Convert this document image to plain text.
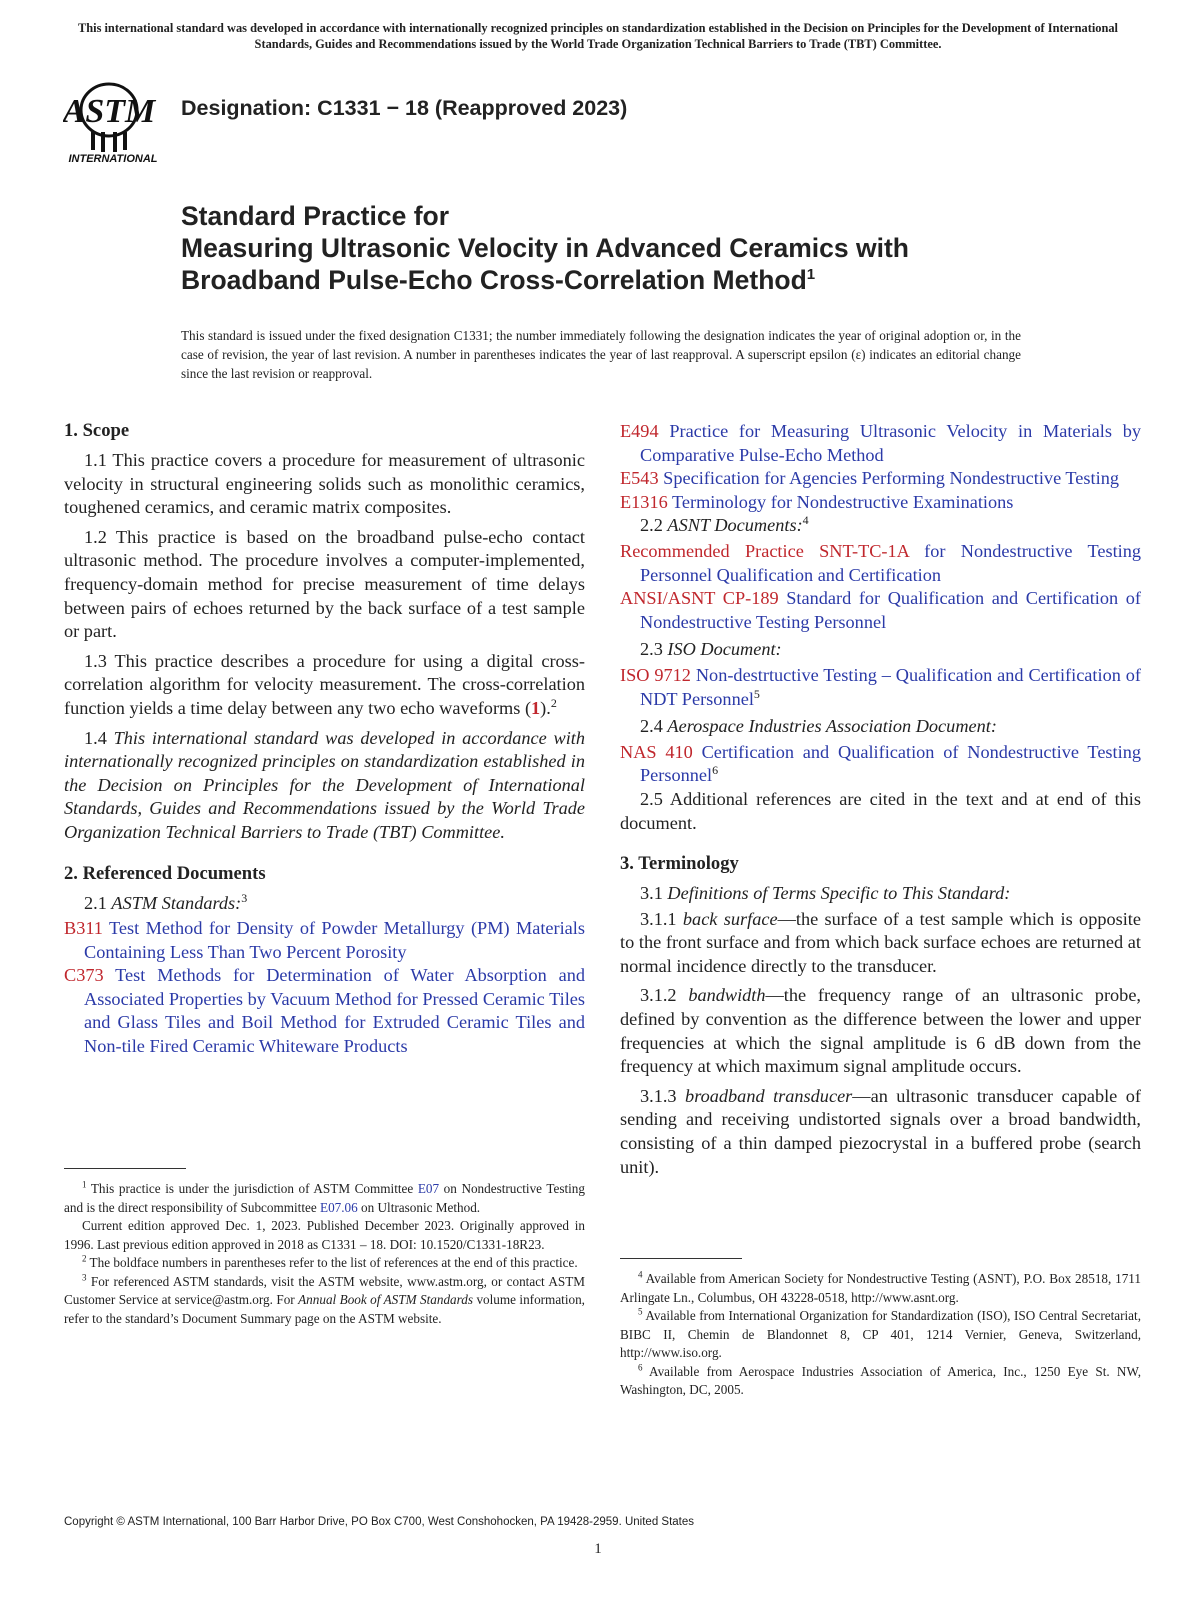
This international standard was developed in accordance with internationally recognized principles on standardization established in the Decision on Principles for the Development of International Standards, Guides and Recommendations issued by the World Trade Organization Technical Barriers to Trade (TBT) Committee.
ASTM
INTERNATIONAL
Designation: C1331 − 18 (Reapproved 2023)
Standard Practice for
Measuring Ultrasonic Velocity in Advanced Ceramics with
Broadband Pulse-Echo Cross-Correlation Method$^1$
This standard is issued under the fixed designation C1331; the number immediately following the designation indicates the year of original adoption or, in the case of revision, the year of last revision. A number in parentheses indicates the year of last reapproval. A superscript epsilon (ε) indicates an editorial change since the last revision or reapproval.
1. Scope

1.1 This practice covers a procedure for measurement of ultrasonic velocity in structural engineering solids such as monolithic ceramics, toughened ceramics, and ceramic matrix composites.

1.2 This practice is based on the broadband pulse-echo contact ultrasonic method. The procedure involves a computer-implemented, frequency-domain method for precise measurement of time delays between pairs of echoes returned by the back surface of a test sample or part.

1.3 This practice describes a procedure for using a digital cross-correlation algorithm for velocity measurement. The cross-correlation function yields a time delay between any two echo waveforms (1).$^2$

1.4 This international standard was developed in accordance with internationally recognized principles on standardization established in the Decision on Principles for the Development of International Standards, Guides and Recommendations issued by the World Trade Organization Technical Barriers to Trade (TBT) Committee.

2. Referenced Documents

2.1 ASTM Standards:$^3$

B311 Test Method for Density of Powder Metallurgy (PM) Materials Containing Less Than Two Percent Porosity

C373 Test Methods for Determination of Water Absorption and Associated Properties by Vacuum Method for Pressed Ceramic Tiles and Glass Tiles and Boil Method for Extruded Ceramic Tiles and Non-tile Fired Ceramic Whiteware Products

$^1$ This practice is under the jurisdiction of ASTM Committee E07 on Nondestructive Testing and is the direct responsibility of Subcommittee E07.06 on Ultrasonic Method.

Current edition approved Dec. 1, 2023. Published December 2023. Originally approved in 1996. Last previous edition approved in 2018 as C1331 – 18. DOI: 10.1520/C1331-18R23.

$^2$ The boldface numbers in parentheses refer to the list of references at the end of this practice.

$^3$ For referenced ASTM standards, visit the ASTM website, www.astm.org, or contact ASTM Customer Service at service@astm.org. For Annual Book of ASTM Standards volume information, refer to the standard’s Document Summary page on the ASTM website.

E494 Practice for Measuring Ultrasonic Velocity in Materials by Comparative Pulse-Echo Method

E543 Specification for Agencies Performing Nondestructive Testing

E1316 Terminology for Nondestructive Examinations

2.2 ASNT Documents:$^4$

Recommended Practice SNT-TC-1A for Nondestructive Testing Personnel Qualification and Certification

ANSI/ASNT CP-189 Standard for Qualification and Certification of Nondestructive Testing Personnel

2.3 ISO Document:

ISO 9712 Non-destrtuctive Testing – Qualification and Certification of NDT Personnel$^5$

2.4 Aerospace Industries Association Document:

NAS 410 Certification and Qualification of Nondestructive Testing Personnel$^6$

2.5 Additional references are cited in the text and at end of this document.

3. Terminology

3.1 Definitions of Terms Specific to This Standard:

3.1.1 back surface—the surface of a test sample which is opposite to the front surface and from which back surface echoes are returned at normal incidence directly to the transducer.

3.1.2 bandwidth—the frequency range of an ultrasonic probe, defined by convention as the difference between the lower and upper frequencies at which the signal amplitude is 6 dB down from the frequency at which maximum signal amplitude occurs.

3.1.3 broadband transducer—an ultrasonic transducer capable of sending and receiving undistorted signals over a broad bandwidth, consisting of a thin damped piezocrystal in a buffered probe (search unit).

$^4$ Available from American Society for Nondestructive Testing (ASNT), P.O. Box 28518, 1711 Arlingate Ln., Columbus, OH 43228-0518, http://www.asnt.org.

$^5$ Available from International Organization for Standardization (ISO), ISO Central Secretariat, BIBC II, Chemin de Blandonnet 8, CP 401, 1214 Vernier, Geneva, Switzerland, http://www.iso.org.

$^6$ Available from Aerospace Industries Association of America, Inc., 1250 Eye St. NW, Washington, DC, 2005.

Copyright © ASTM International, 100 Barr Harbor Drive, PO Box C700, West Conshohocken, PA 19428-2959. United States
1
